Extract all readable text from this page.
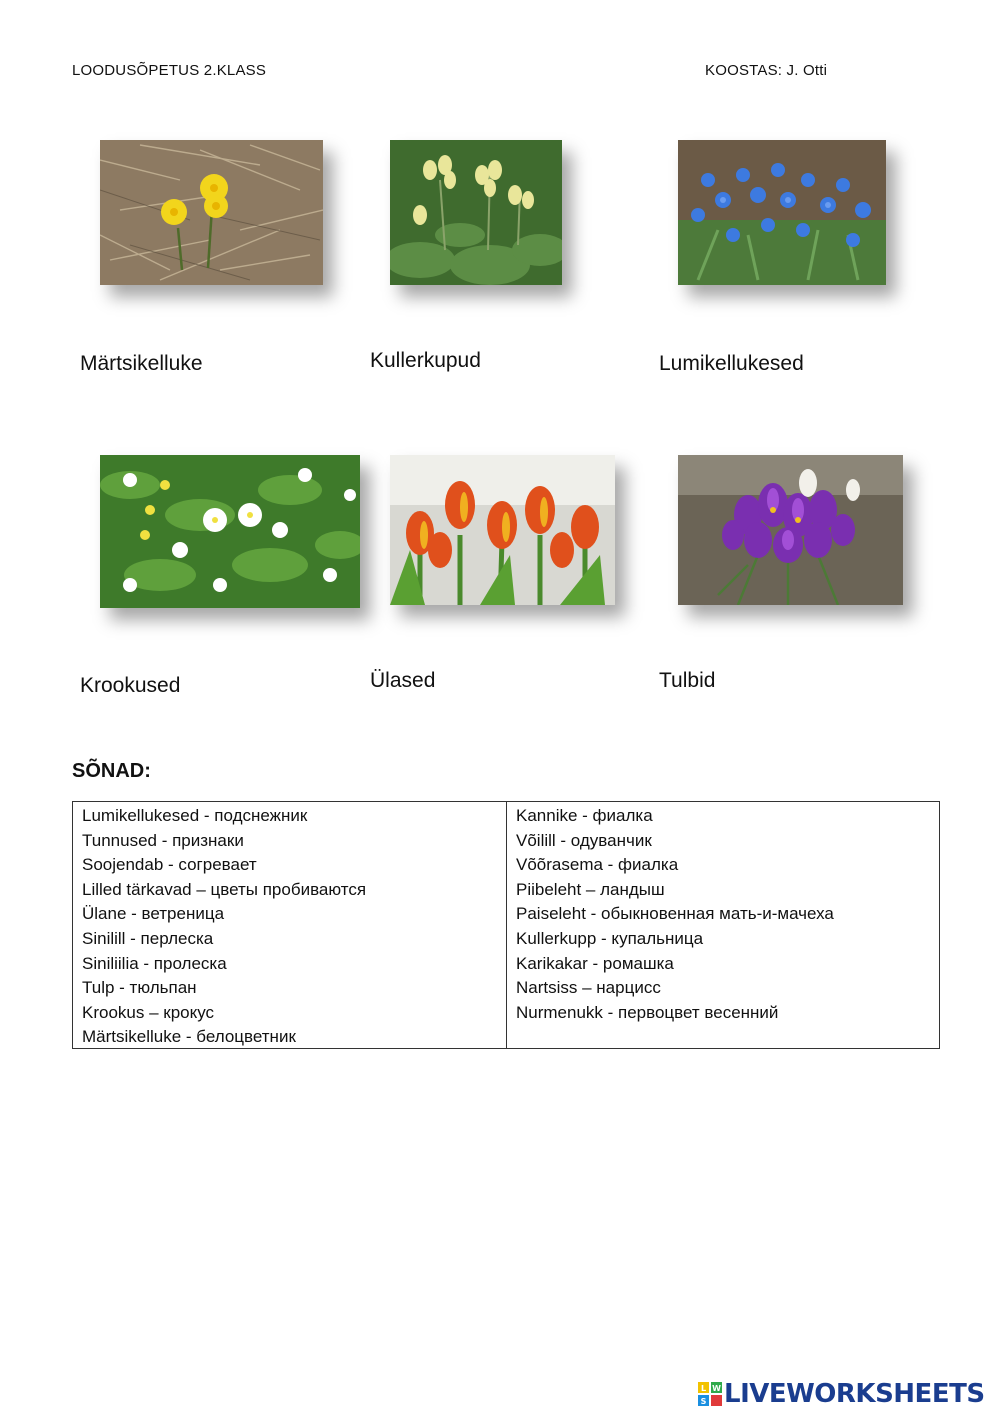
LOODUSÕPETUS 2.KLASS	KOOSTAS: J. Otti
Märtsikelluke	Kullerkupud	Lumikellukesed
Krookused	Ülased	Tulbid
SÕNAD:
Lumikellukesed - подснежник
Tunnused - признаки
Soojendab - согревает
Lilled tärkavad – цветы пробиваются
Ülane - ветреница
Sinilill - перлеска
Siniliilia - пролеска
Tulp - тюльпан
Krookus – крокус
Märtsikelluke - белоцветник
Kannike - фиалка
Võilill - одуванчик
Võõrasema - фиалка
Piibeleht – ландыш
Paiseleht - обыкновенная мать-и-мачеха
Kullerkupp - купальница
Karikakar - ромашка
Nartsiss – нарцисс
Nurmenukk - первоцвет весенний
L W
S LIVEWORKSHEETS
